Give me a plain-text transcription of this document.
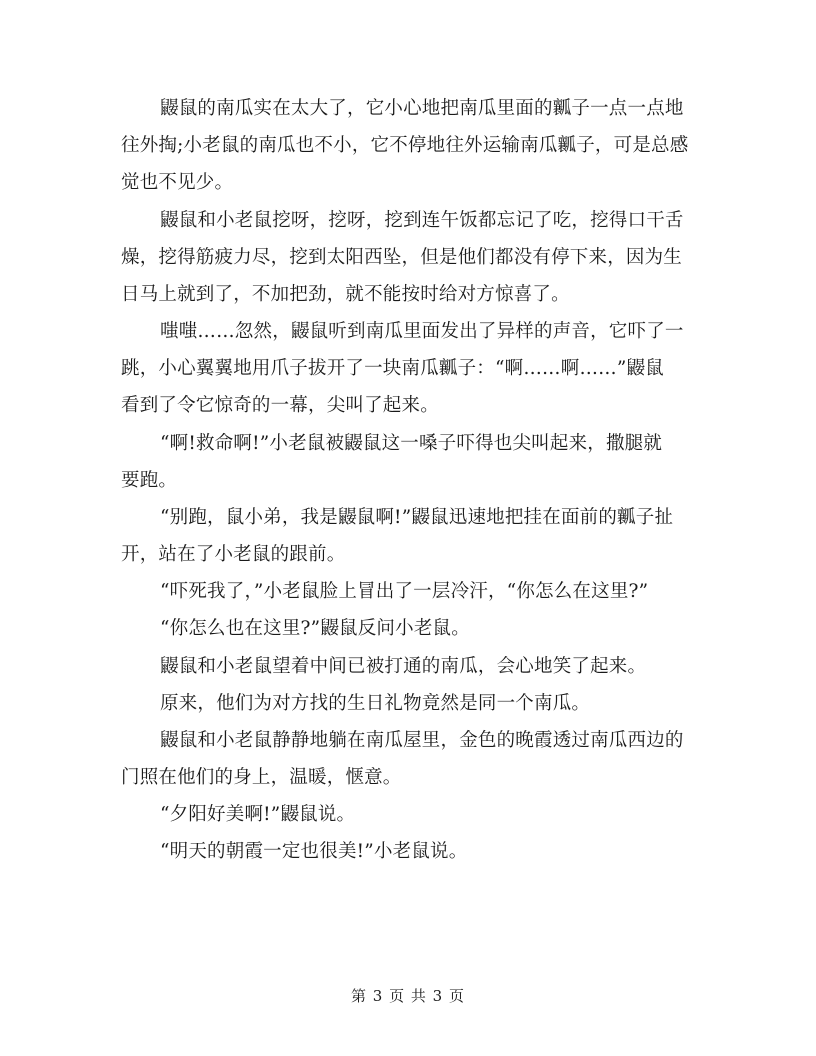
鼹鼠的南瓜实在太大了，它小心地把南瓜里面的瓤子一点一点地

往外掏;小老鼠的南瓜也不小，它不停地往外运输南瓜瓤子，可是总感

觉也不见少。

鼹鼠和小老鼠挖呀，挖呀，挖到连午饭都忘记了吃，挖得口干舌

燥，挖得筋疲力尽，挖到太阳西坠，但是他们都没有停下来，因为生

日马上就到了，不加把劲，就不能按时给对方惊喜了。

嗤嗤……忽然，鼹鼠听到南瓜里面发出了异样的声音，它吓了一

跳，小心翼翼地用爪子拔开了一块南瓜瓤子：“啊……啊……”鼹鼠

看到了令它惊奇的一幕，尖叫了起来。

“啊!救命啊!”小老鼠被鼹鼠这一嗓子吓得也尖叫起来，撒腿就

要跑。

“别跑，鼠小弟，我是鼹鼠啊!”鼹鼠迅速地把挂在面前的瓤子扯

开，站在了小老鼠的跟前。

“吓死我了，”小老鼠脸上冒出了一层冷汗，“你怎么在这里?”

“你怎么也在这里?”鼹鼠反问小老鼠。

鼹鼠和小老鼠望着中间已被打通的南瓜，会心地笑了起来。

原来，他们为对方找的生日礼物竟然是同一个南瓜。

鼹鼠和小老鼠静静地躺在南瓜屋里，金色的晚霞透过南瓜西边的

门照在他们的身上，温暖，惬意。

“夕阳好美啊!”鼹鼠说。

“明天的朝霞一定也很美!”小老鼠说。

第 3 页 共 3 页
